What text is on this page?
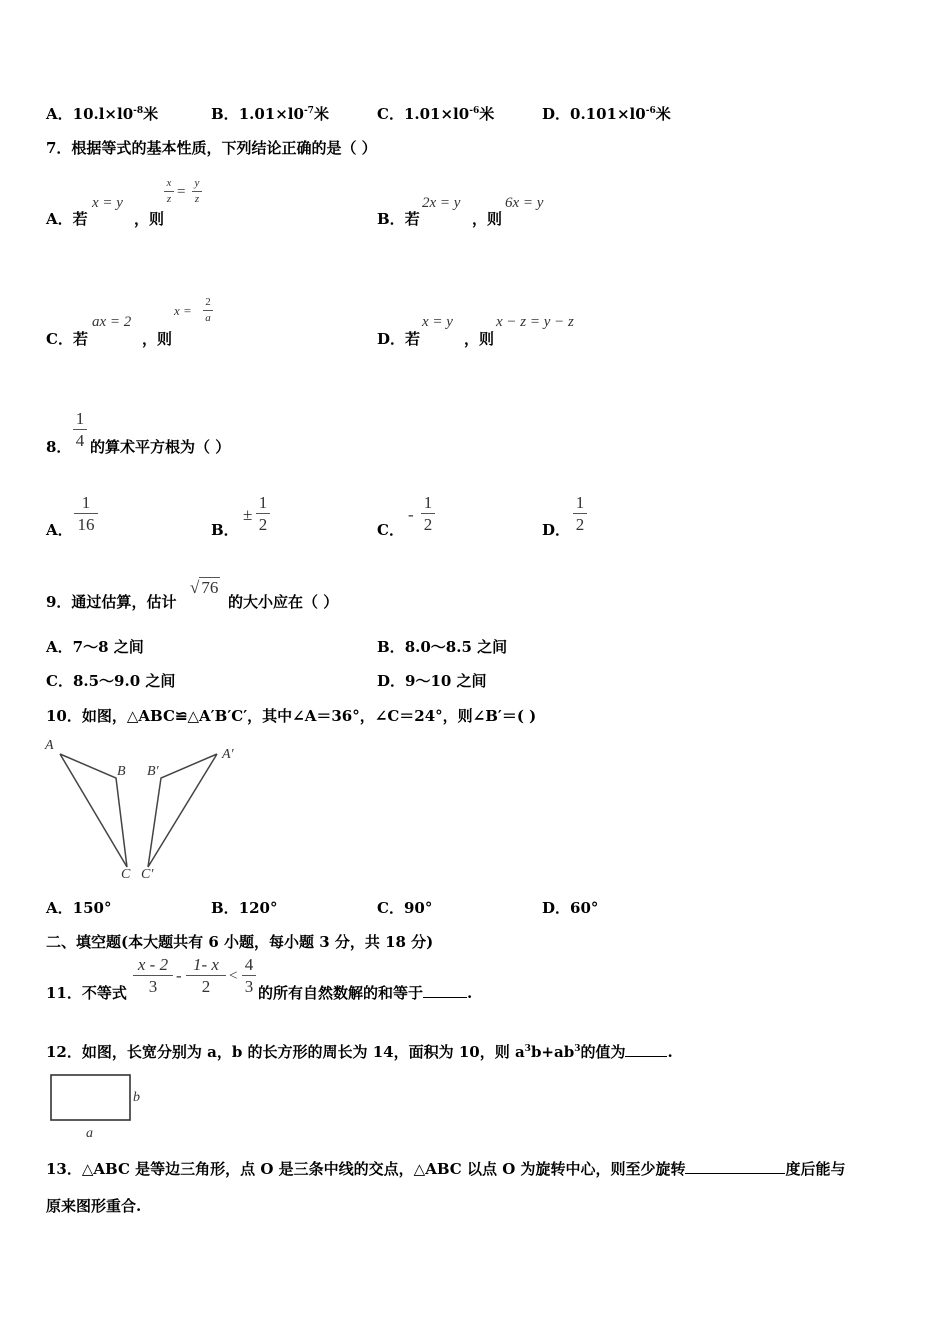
A．$10.l\times l0^{-8}$米	B．$1.01\times l0^{-7}$米	C．$1.01\times l0^{-6}$米	D．$0.101\times l0^{-6}$米
7．根据等式的基本性质，下列结论正确的是（ ）
A．若
x = y
，则
x
z =
y
z
B．若
2x = y
，则
6x = y
C．若
ax = 2
，则
x =
2
a
D．若
x = y
，则
x − z = y − z
8．
1
4 的算术平方根为（ ）
A．
1
16	B．
±
1
2	C．
-
1
2	D．
1
2
9．通过估算，估计
√ 76
的大小应在（ ）
A．7～8 之间	B．8.0～8.5 之间
C．8.5～9.0 之间	D．9～10 之间
10．如图，△ABC≌△A′B′C′，其中∠A＝36°，∠C＝24°，则∠B′＝( )
A
B
C
A′
B′
C′
A．150°	B．120°	C．90°	D．60°
二、填空题(本大题共有 6 小题，每小题 3 分，共 18 分)
11．不等式
x - 2
3
-
1- x
2
<
4
3 的所有自然数解的和等于	.
12．如图，长宽分别为 a，b 的长方形的周长为 14，面积为 10，则 $a^3b+ab^3$的值为	.
b
a
13．△ABC 是等边三角形，点 O 是三条中线的交点，△ABC 以点 O 为旋转中心，则至少旋转	度后能与
原来图形重合.
